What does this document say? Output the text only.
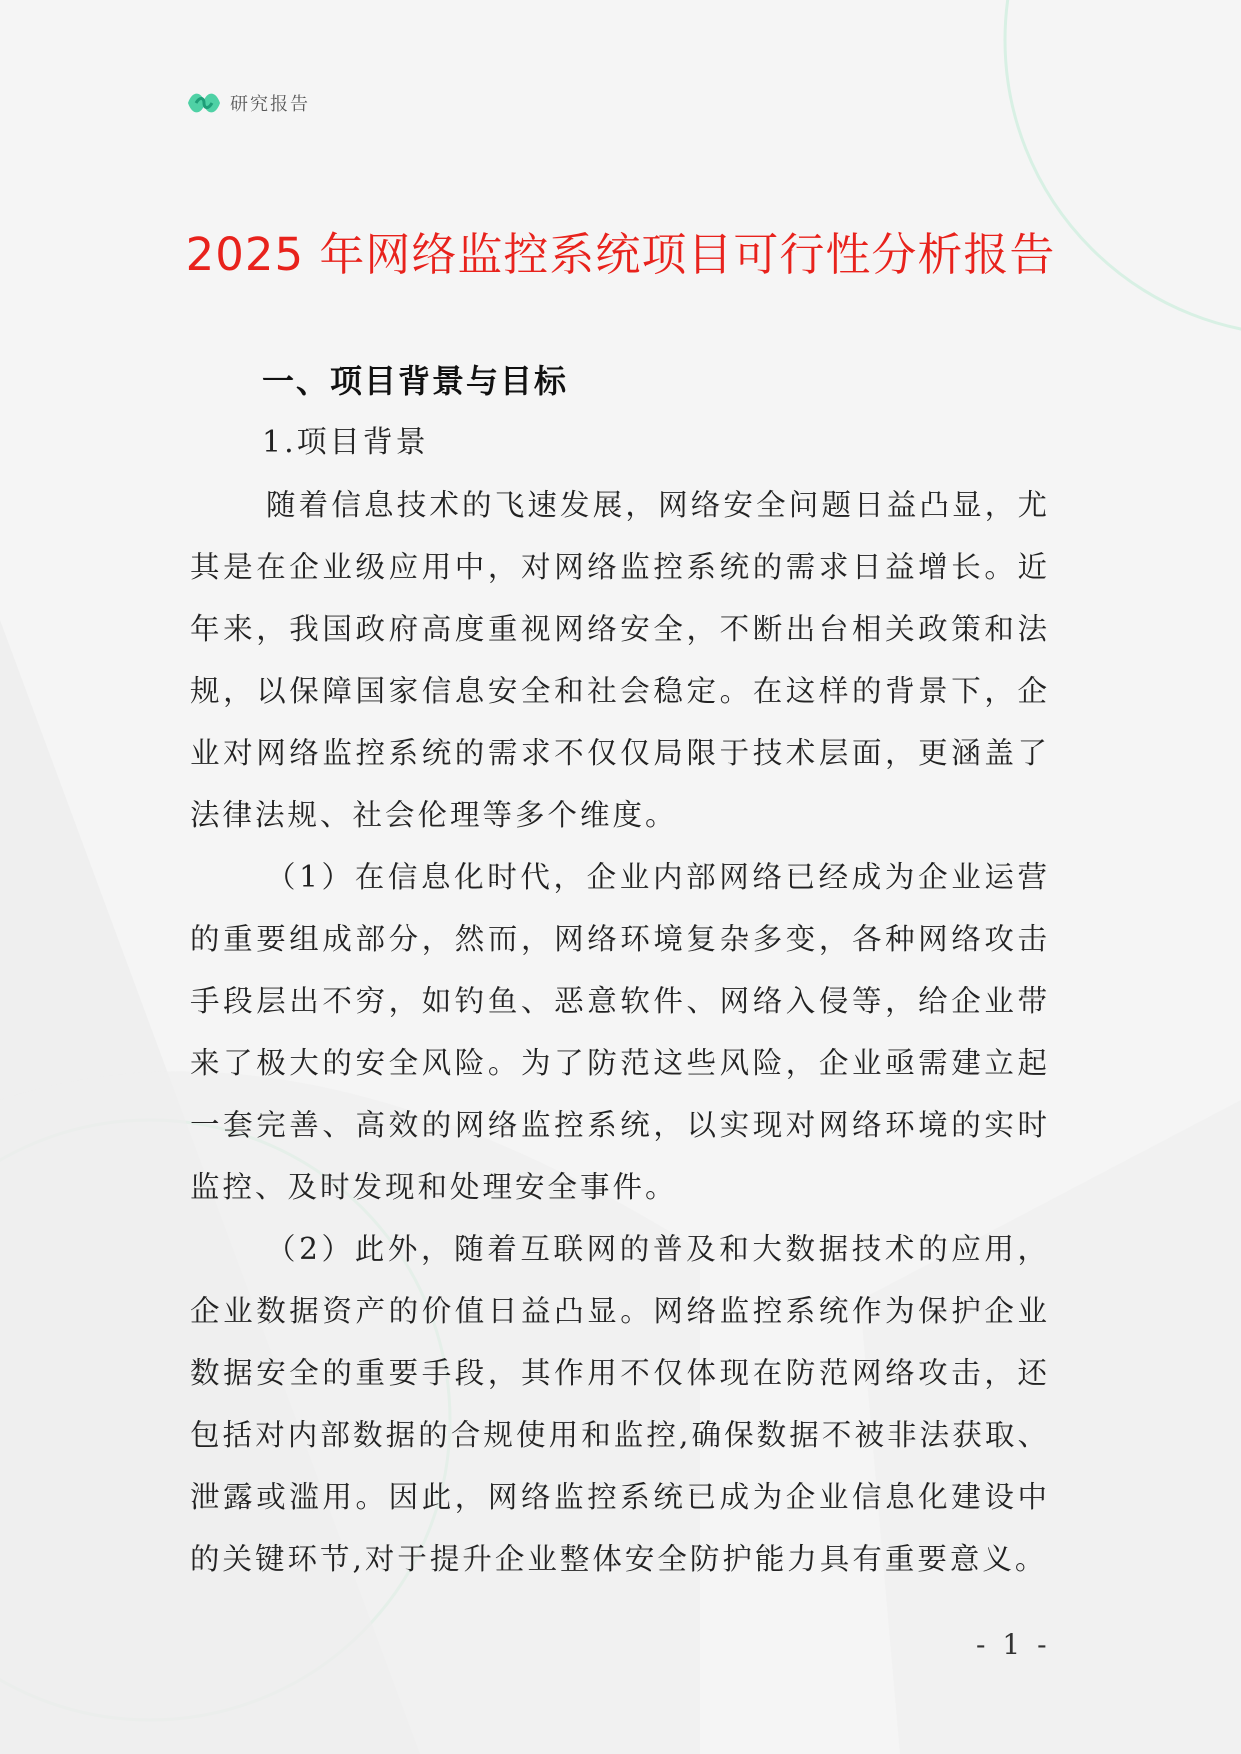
研究报告
2025 年网络监控系统项目可行性分析报告
一、项目背景与目标
1.项目背景

随着信息技术的飞速发展，网络安全问题日益凸显，尤其是在企业级应用中，对网络监控系统的需求日益增长。近年来，我国政府高度重视网络安全，不断出台相关政策和法规，以保障国家信息安全和社会稳定。在这样的背景下，企业对网络监控系统的需求不仅仅局限于技术层面，更涵盖了法律法规、社会伦理等多个维度。

（1）在信息化时代，企业内部网络已经成为企业运营的重要组成部分，然而，网络环境复杂多变，各种网络攻击手段层出不穷，如钓鱼、恶意软件、网络入侵等，给企业带来了极大的安全风险。为了防范这些风险，企业亟需建立起一套完善、高效的网络监控系统，以实现对网络环境的实时监控、及时发现和处理安全事件。

（2）此外，随着互联网的普及和大数据技术的应用，企业数据资产的价值日益凸显。网络监控系统作为保护企业数据安全的重要手段，其作用不仅体现在防范网络攻击，还包括对内部数据的合规使用和监控,确保数据不被非法获取、泄露或滥用。因此，网络监控系统已成为企业信息化建设中的关键环节,对于提升企业整体安全防护能力具有重要意义。

- 1 -
